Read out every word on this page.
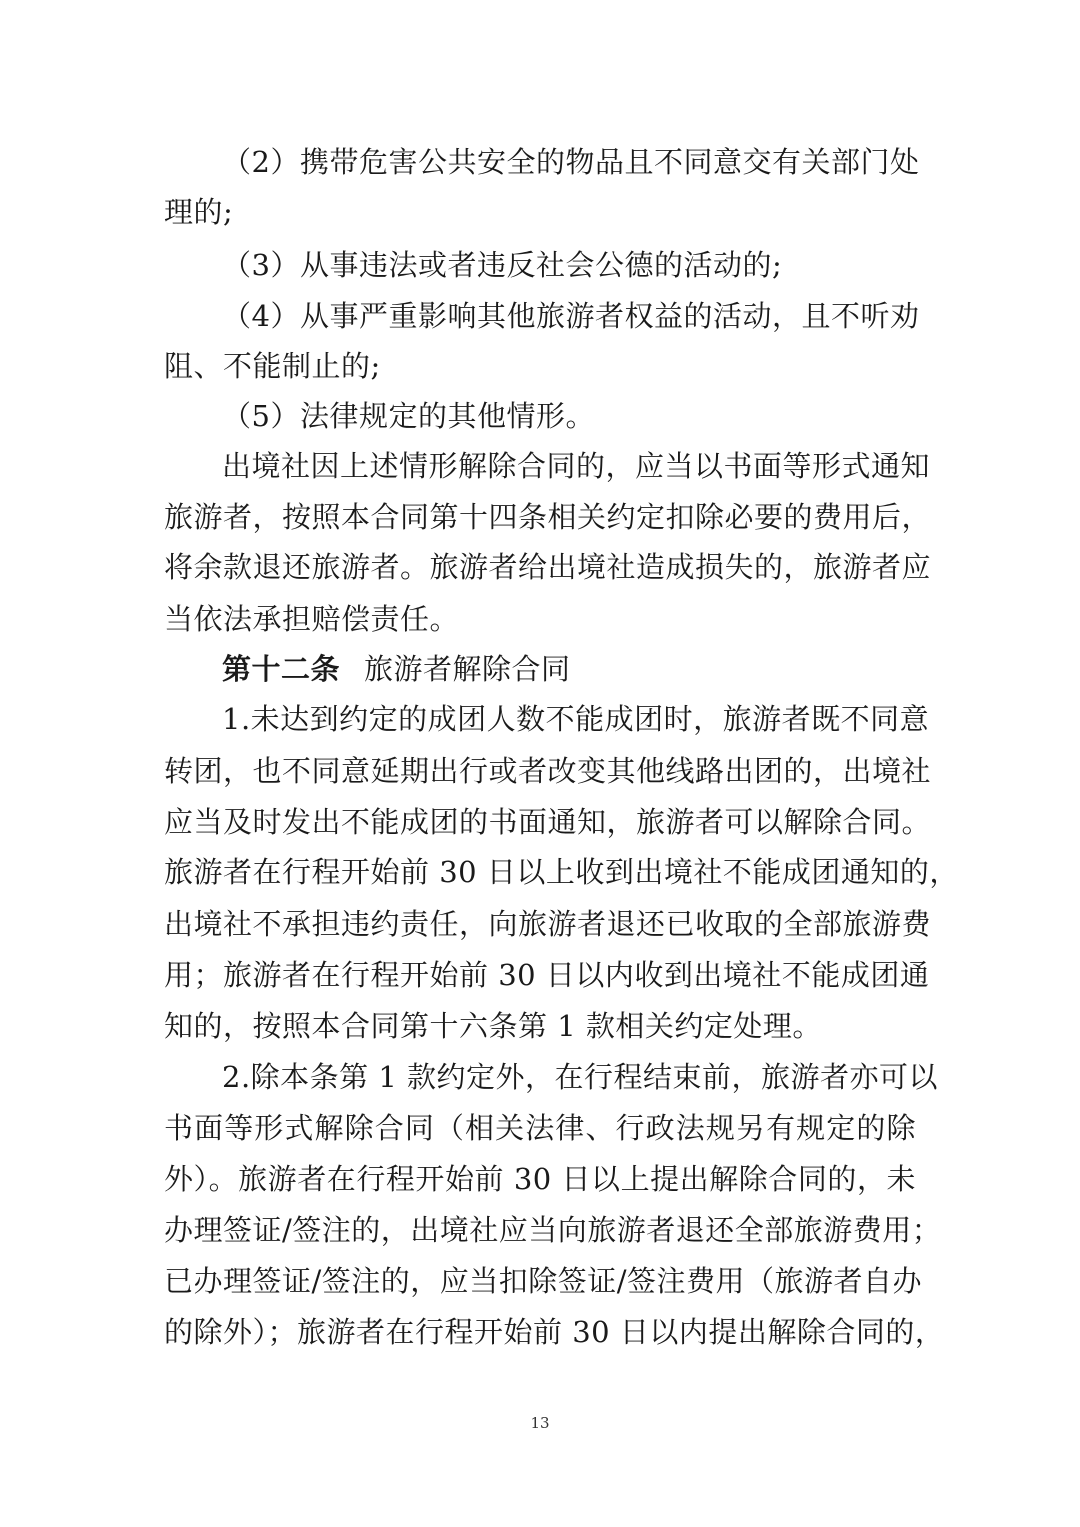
（2）携带危害公共安全的物品且不同意交有关部门处
理的;
（3）从事违法或者违反社会公德的活动的;
（4）从事严重影响其他旅游者权益的活动，且不听劝
阻、不能制止的;
（5）法律规定的其他情形。
出境社因上述情形解除合同的，应当以书面等形式通知
旅游者，按照本合同第十四条相关约定扣除必要的费用后，
将余款退还旅游者。旅游者给出境社造成损失的，旅游者应
当依法承担赔偿责任。
第十二条 旅游者解除合同
1.未达到约定的成团人数不能成团时，旅游者既不同意
转团，也不同意延期出行或者改变其他线路出团的，出境社
应当及时发出不能成团的书面通知，旅游者可以解除合同。
旅游者在行程开始前 30 日以上收到出境社不能成团通知的，
出境社不承担违约责任，向旅游者退还已收取的全部旅游费
用；旅游者在行程开始前 30 日以内收到出境社不能成团通
知的，按照本合同第十六条第 1 款相关约定处理。
2.除本条第 1 款约定外，在行程结束前，旅游者亦可以
书面等形式解除合同（相关法律、行政法规另有规定的除
外）。旅游者在行程开始前 30 日以上提出解除合同的，未
办理签证/签注的，出境社应当向旅游者退还全部旅游费用；
已办理签证/签注的，应当扣除签证/签注费用（旅游者自办
的除外）；旅游者在行程开始前 30 日以内提出解除合同的，
13
